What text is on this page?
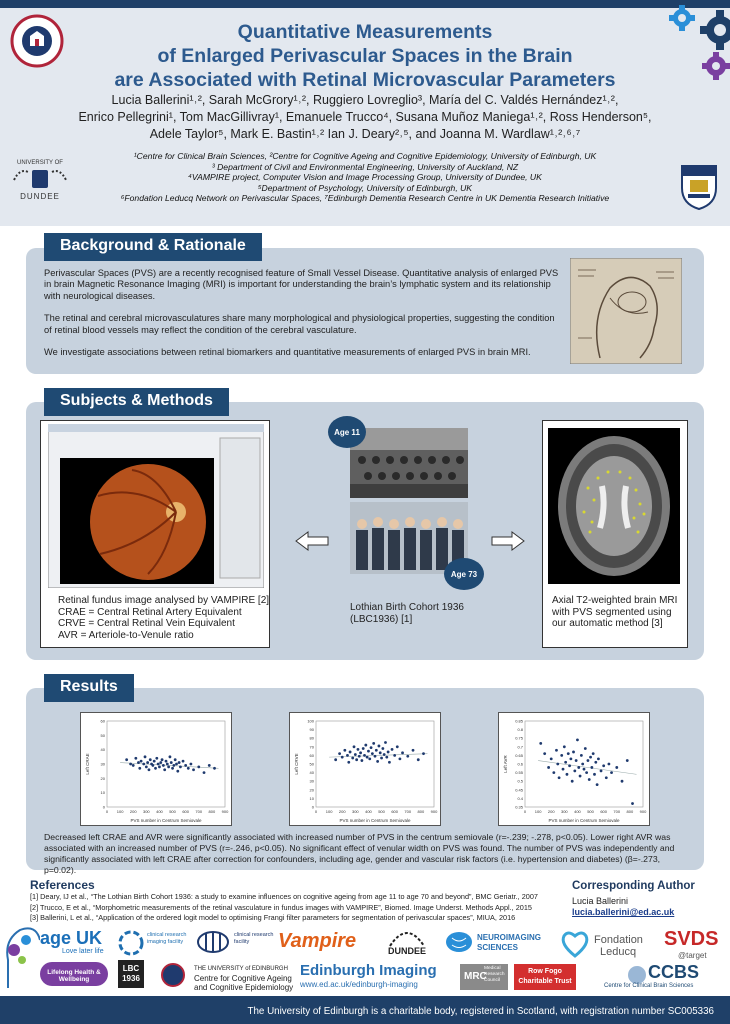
Quantitative Measurements
of Enlarged Perivascular Spaces in the Brain
are Associated with Retinal Microvascular Parameters
Lucia Ballerini¹˒², Sarah McGrory¹˒², Ruggiero Lovreglio³, María del C. Valdés Hernández¹˒²,
Enrico Pellegrini¹, Tom MacGillivray¹, Emanuele Trucco⁴, Susana Muñoz Maniega¹˒², Ross Henderson⁵,
Adele Taylor⁵, Mark E. Bastin¹˒² Ian J. Deary²˒⁵, and Joanna M. Wardlaw¹˒²˒⁶˒⁷
¹Centre for Clinical Brain Sciences, ²Centre for Cognitive Ageing and Cognitive Epidemiology, University of Edinburgh, UK
³ Department of Civil and Environmental Engineering, University of Auckland, NZ
⁴VAMPIRE project, Computer Vision and Image Processing Group, University of Dundee, UK
⁵Department of Psychology, University of Edinburgh, UK
⁶Fondation Leducq Network on Perivascular Spaces, ⁷Edinburgh Dementia Research Centre in UK Dementia Research Initiative
UNIVERSITY OF
DUNDEE
Background & Rationale

Perivascular Spaces (PVS) are a recently recognised feature of Small Vessel Disease. Quantitative analysis of enlarged PVS in brain Magnetic Resonance Imaging (MRI) is important for understanding the brain’s lymphatic system and its relationship with neurological diseases.

The retinal and cerebral microvasculatures share many morphological and physiological properties, suggesting the condition of retinal blood vessels may reflect the condition of the cerebral vasculature.

We investigate associations between retinal biomarkers and quantitative measurements of enlarged PVS in brain MRI.

Subjects & Methods
Retinal fundus image analysed by VAMPIRE [2]
CRAE = Central Retinal Artery Equivalent
CRVE = Central Retinal Vein Equivalent
AVR = Arteriole-to-Venule ratio
Age 11
Age 73
Lothian Birth Cohort 1936
(LBC1936) [1]
Axial T2-weighted brain MRI
with PVS segmented using
our automatic method [3]
Results
0 100 200 300 400 500 600 700 800 900
0
10
20
30
40
50
60
PVS number in Centrum Semiovale
Left CRAE
0 100 200 300 400 500 600 700 800 900
0
10
20
30
40
50
60
70
80
90
100
PVS number in Centrum Semiovale
Left CRVE
0 100 200 300 400 500 600 700 800 900
0.35
0.4
0.45
0.5
0.55
0.6
0.65
0.7
0.75
0.8
0.85
PVS number in Centrum Semiovale
Left AVR
Decreased left CRAE and AVR were significantly associated with increased number of PVS in the centrum semiovale (r=-.239; -.278, p<0.05). Lower right AVR was associated with an increased number of PVS (r=-.246, p<0.05). No significant effect of venular width on PVS was found. The number of PVS was independently and significantly associated with left CRAE after correction for confounders, including age, gender and vascular risk factors (i.e. hypertension and diabetes) (β=-.273, p=0.02).
References
[1] Deary, IJ et al., “The Lothian Birth Cohort 1936: a study to examine influences on cognitive ageing from age 11 to age 70 and beyond”, BMC Geriatr., 2007
[2] Trucco, E et al., “Morphometric measurements of the retinal vasculature in fundus images with VAMPIRE”, Biomed. Image Underst. Methods Appl., 2015
[3] Ballerini, L et al., “Application of the ordered logit model to optimising Frangi filter parameters for segmentation of perivascular spaces”, MIUA, 2016
Corresponding Author
Lucia Ballerini
lucia.ballerini@ed.ac.uk
age UK
Love later life
Lifelong Health & Wellbeing
clinical research imaging facility
LBC 1936
clinical research facility
THE UNIVERSITY of EDINBURGH
Centre for Cognitive Ageing
and Cognitive Epidemiology
Vampire	DUNDEE
Edinburgh Imaging
www.ed.ac.uk/edinburgh-imaging
NEUROIMAGING
SCIENCES
MRC
Medical Research Council
Row Fogo Charitable Trust
Fondation
Leducq
SVDS
@target
CCBS
Centre for Clinical Brain Sciences
The University of Edinburgh is a charitable body, registered in Scotland, with registration number SC005336
